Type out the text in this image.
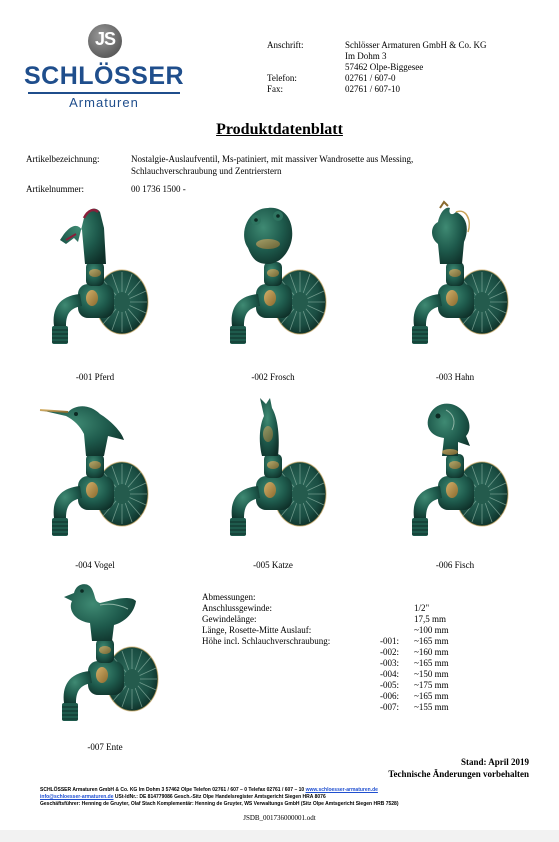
JS
SCHLÖSSER
Armaturen
Anschrift:	Schlösser Armaturen GmbH & Co. KG
Im Dohm 3
57462 Olpe-Biggesee
Telefon:	02761 / 607-0
Fax:	02761 / 607-10
Produktdatenblatt
Artikelbezeichnung:	Nostalgie-Auslaufventil, Ms-patiniert, mit massiver Wandrosette aus Messing,
Schlauchverschraubung und Zentrierstern
Artikelnummer:	00 1736 1500 -
-001 Pferd	-002 Frosch	-003 Hahn
-004 Vogel	-005 Katze	-006 Fisch
-007 Ente
Abmessungen:
Anschlussgewinde:	1/2"
Gewindelänge:	17,5 mm
Länge, Rosette-Mitte Auslauf:	~100 mm
Höhe incl. Schlauchverschraubung:	-001: ~165 mm
-002: ~160 mm
-003: ~165 mm
-004: ~150 mm
-005: ~175 mm
-006: ~165 mm
-007: ~155 mm
Stand: April 2019
Technische Änderungen vorbehalten
SCHLÖSSER Armaturen GmbH & Co. KG Im Dohm 3 57462 Olpe Telefon 02761 / 607 – 0 Telefax 02761 / 607 – 10 www.schloesser-armaturen.de
info@schloesser-armaturen.de USt-IdNr.: DE 814779086 Gesch.-Sitz Olpe Handelsregister Amtsgericht Siegen HRA 8076
Geschäftsführer: Henning de Gruyter, Olaf Stach Komplementär: Henning de Gruyter, WS Verwaltungs GmbH (Sitz Olpe Amtsgericht Siegen HRB 7528)
JSDB_001736000001.odt
